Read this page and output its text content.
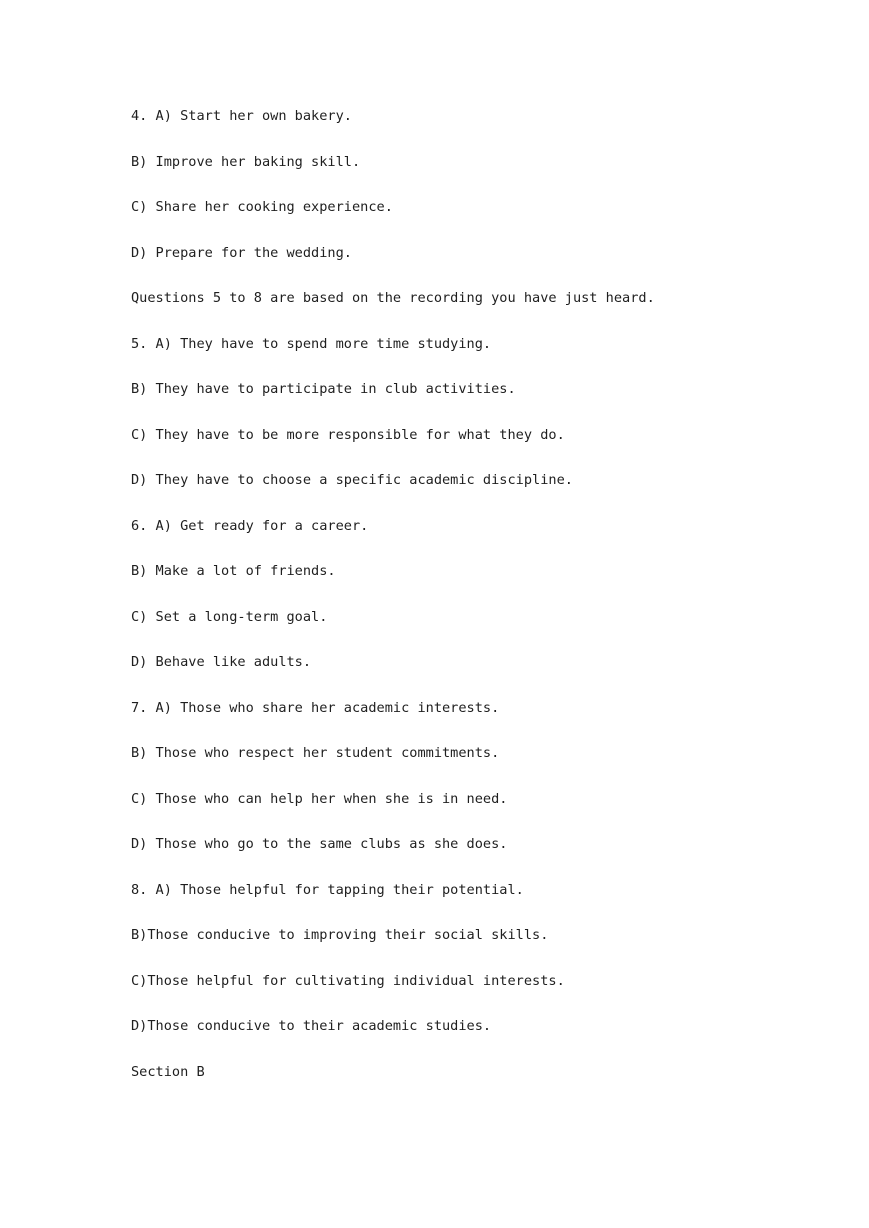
4. A) Start her own bakery.
B) Improve her baking skill.
C) Share her cooking experience.
D) Prepare for the wedding.
Questions 5 to 8 are based on the recording you have just heard.
5. A) They have to spend more time studying.
B) They have to participate in club activities.
C) They have to be more responsible for what they do.
D) They have to choose a specific academic discipline.
6. A) Get ready for a career.
B) Make a lot of friends.
C) Set a long-term goal.
D) Behave like adults.
7. A) Those who share her academic interests.
B) Those who respect her student commitments.
C) Those who can help her when she is in need.
D) Those who go to the same clubs as she does.
8. A) Those helpful for tapping their potential.
B)Those conducive to improving their social skills.
C)Those helpful for cultivating individual interests.
D)Those conducive to their academic studies.
Section B
